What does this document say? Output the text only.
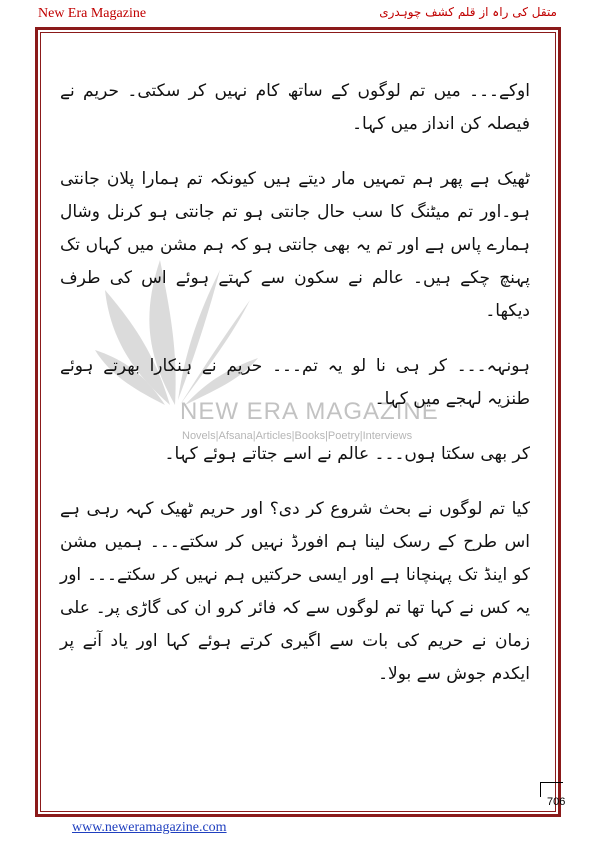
New Era Magazine	متقل کی راہ از قلم کشف چوہدری
NEW ERA MAGAZINE
Novels|Afsana|Articles|Books|Poetry|Interviews

اوکے۔۔۔ میں تم لوگوں کے ساتھ کام نہیں کر سکتی۔ حریم نے فیصلہ کن انداز میں کہا۔

ٹھیک ہے پھر ہم تمہیں مار دیتے ہیں کیونکہ تم ہمارا پلان جانتی ہو۔اور تم میٹنگ کا سب حال جانتی ہو تم جانتی ہو کرنل وشال ہمارے پاس ہے اور تم یہ بھی جانتی ہو کہ ہم مشن میں کہاں تک پہنچ چکے ہیں۔ عالم نے سکون سے کہتے ہوئے اس کی طرف دیکھا۔

ہونہہ۔۔۔ کر ہی نا لو یہ تم۔۔۔ حریم نے ہنکارا بھرتے ہوئے طنزیہ لہجے میں کہا۔

کر بھی سکتا ہوں۔۔۔ عالم نے اسے جتاتے ہوئے کہا۔

کیا تم لوگوں نے بحث شروع کر دی؟ اور حریم ٹھیک کہہ رہی ہے اس طرح کے رسک لینا ہم افورڈ نہیں کر سکتے۔۔۔ ہمیں مشن کو اینڈ تک پہنچانا ہے اور ایسی حرکتیں ہم نہیں کر سکتے۔۔۔ اور یہ کس نے کہا تھا تم لوگوں سے کہ فائر کرو ان کی گاڑی پر۔ علی زمان نے حریم کی بات سے اگیری کرتے ہوئے کہا اور یاد آنے پر ایکدم جوش سے بولا۔

706
www.neweramagazine.com
